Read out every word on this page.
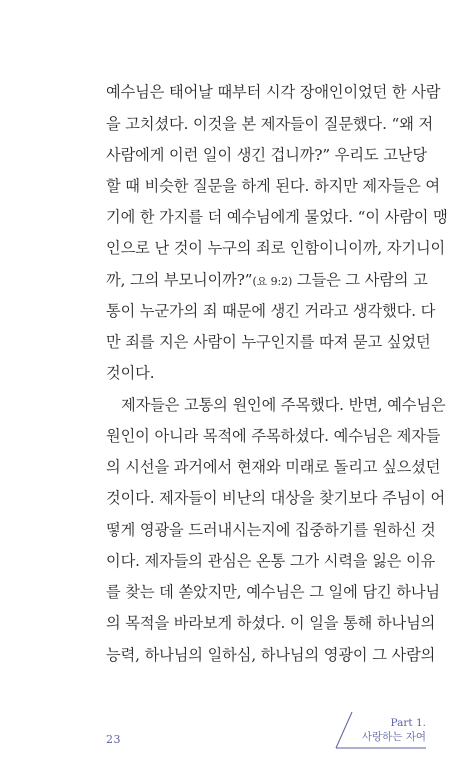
예수님은 태어날 때부터 시각 장애인이었던 한 사람
을 고치셨다. 이것을 본 제자들이 질문했다. “왜 저
사람에게 이런 일이 생긴 겁니까?” 우리도 고난당
할 때 비슷한 질문을 하게 된다. 하지만 제자들은 여
기에 한 가지를 더 예수님에게 물었다. “이 사람이 맹
인으로 난 것이 누구의 죄로 인함이니이까, 자기니이
까, 그의 부모니이까?”(요 9:2) 그들은 그 사람의 고
통이 누군가의 죄 때문에 생긴 거라고 생각했다. 다
만 죄를 지은 사람이 누구인지를 따져 묻고 싶었던
것이다.
제자들은 고통의 원인에 주목했다. 반면, 예수님은
원인이 아니라 목적에 주목하셨다. 예수님은 제자들
의 시선을 과거에서 현재와 미래로 돌리고 싶으셨던
것이다. 제자들이 비난의 대상을 찾기보다 주님이 어
떻게 영광을 드러내시는지에 집중하기를 원하신 것
이다. 제자들의 관심은 온통 그가 시력을 잃은 이유
를 찾는 데 쏟았지만, 예수님은 그 일에 담긴 하나님
의 목적을 바라보게 하셨다. 이 일을 통해 하나님의
능력, 하나님의 일하심, 하나님의 영광이 그 사람의
23
Part 1.
사랑하는 자여
